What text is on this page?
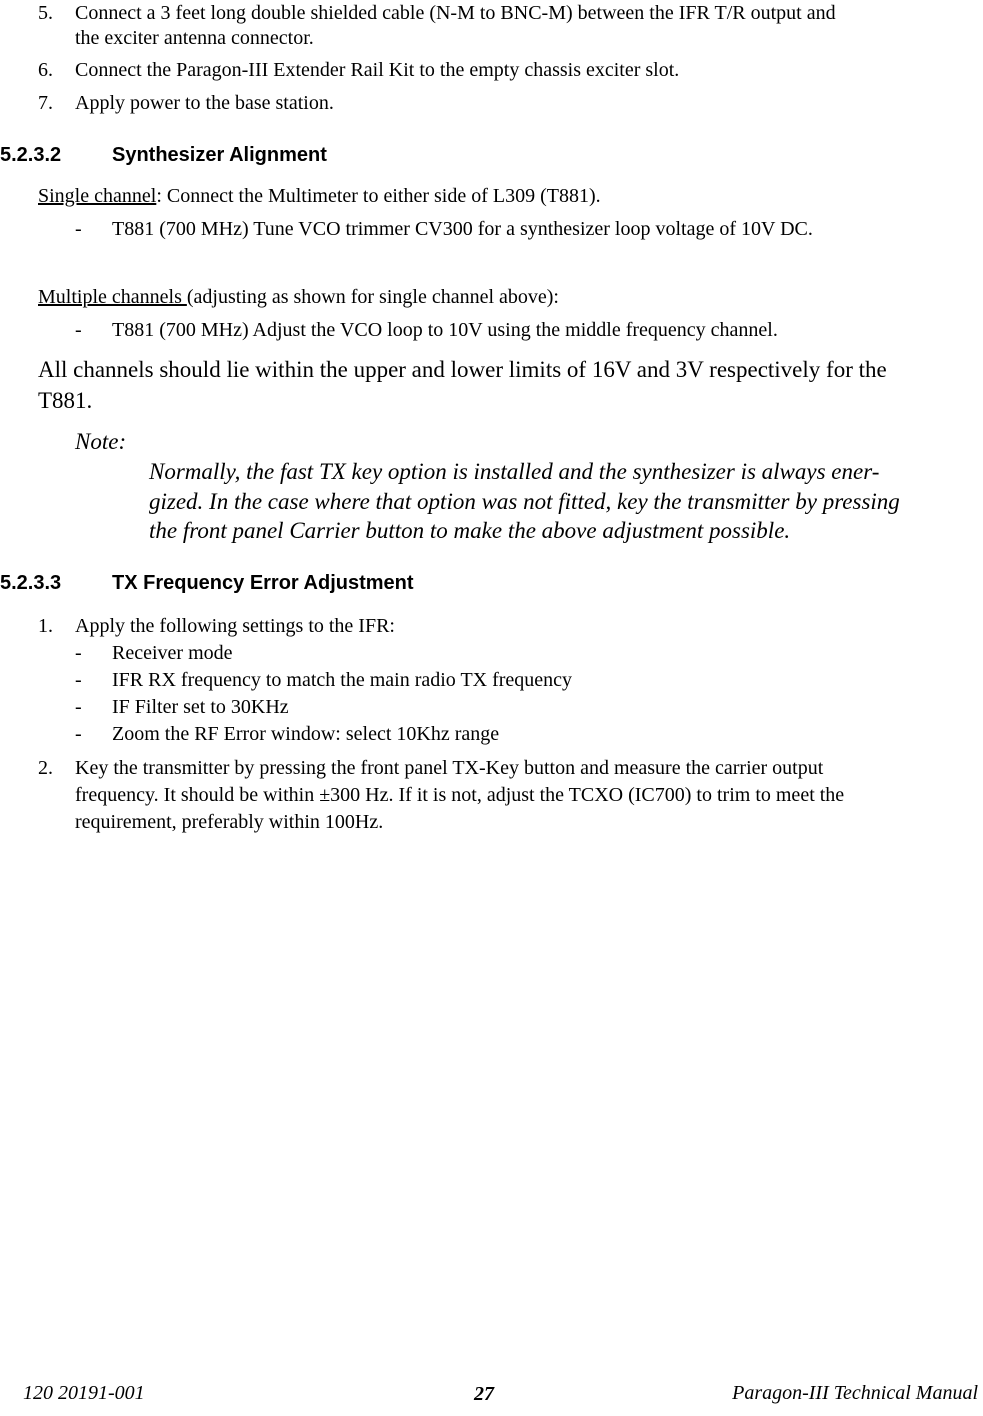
5. Connect a 3 feet long double shielded cable (N-M to BNC-M) between the IFR T/R output and
the exciter antenna connector.
6. Connect the Paragon-III Extender Rail Kit to the empty chassis exciter slot.
7. Apply power to the base station.
5.2.3.2	Synthesizer Alignment
Single channel: Connect the Multimeter to either side of L309 (T881).
- T881 (700 MHz) Tune VCO trimmer CV300 for a synthesizer loop voltage of 10V DC.
Multiple channels (adjusting as shown for single channel above):
- T881 (700 MHz) Adjust the VCO loop to 10V using the middle frequency channel.
All channels should lie within the upper and lower limits of 16V and 3V respectively for the
T881.
Note:
Normally, the fast TX key option is installed and the synthesizer is always ener-
gized. In the case where that option was not fitted, key the transmitter by pressing
the front panel Carrier button to make the above adjustment possible.
5.2.3.3	TX Frequency Error Adjustment
1. Apply the following settings to the IFR:
- Receiver mode
- IFR RX frequency to match the main radio TX frequency
- IF Filter set to 30KHz
- Zoom the RF Error window: select 10Khz range
2. Key the transmitter by pressing the front panel TX-Key button and measure the carrier output
frequency. It should be within ±300 Hz. If it is not, adjust the TCXO (IC700) to trim to meet the
requirement, preferably within 100Hz.
120 20191-001	27	Paragon-III Technical Manual
